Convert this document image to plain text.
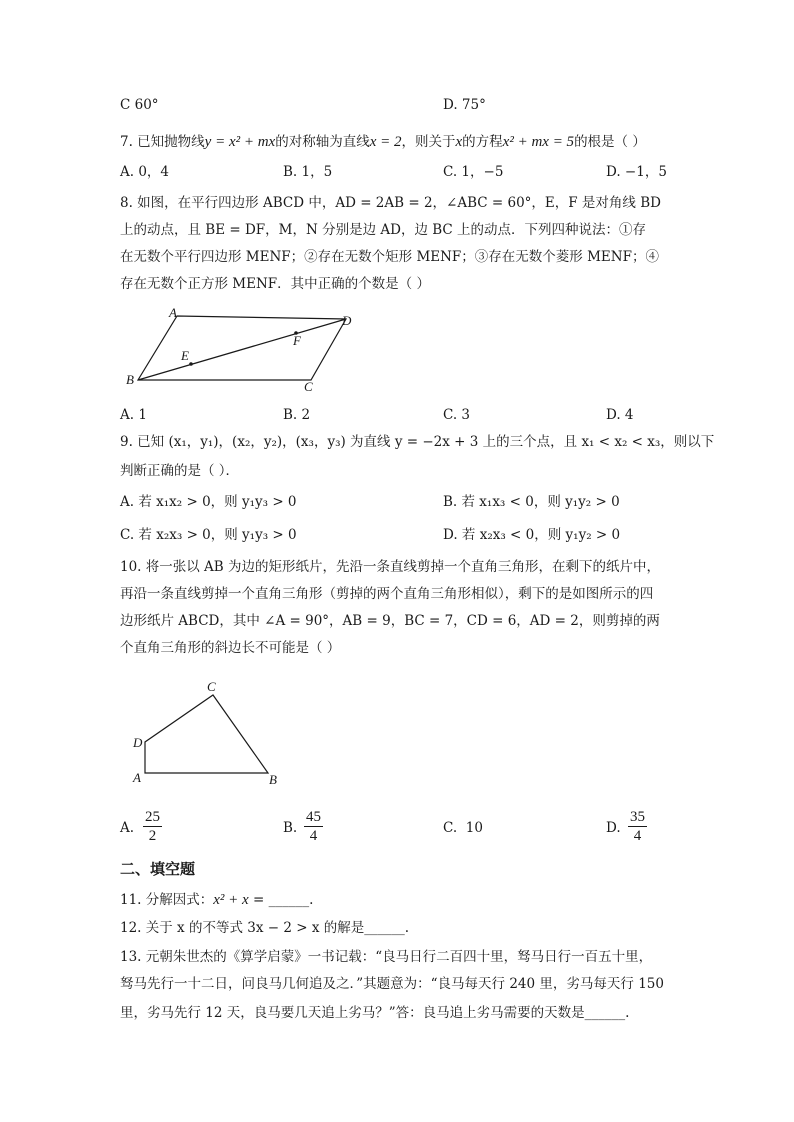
C 60°	D. 75°
7. 已知抛物线y = x² + mx的对称轴为直线x = 2，则关于x的方程x² + mx = 5的根是（ ）
A. 0，4	B. 1，5	C. 1，−5	D. −1，5
8. 如图，在平行四边形 ABCD 中，AD = 2AB = 2，∠ABC = 60°，E，F 是对角线 BD
上的动点，且 BE = DF，M，N 分别是边 AD，边 BC 上的动点．下列四种说法：①存
在无数个平行四边形 MENF；②存在无数个矩形 MENF；③存在无数个菱形 MENF；④
存在无数个正方形 MENF．其中正确的个数是（ ）
A
B	C
D
E
F
A. 1	B. 2	C. 3	D. 4
9. 已知 (x₁，y₁)，(x₂，y₂)，(x₃，y₃) 为直线 y = −2x + 3 上的三个点，且 x₁ < x₂ < x₃，则以下
判断正确的是（ ）．
A. 若 x₁x₂ > 0，则 y₁y₃ > 0	B. 若 x₁x₃ < 0，则 y₁y₂ > 0
C. 若 x₂x₃ > 0，则 y₁y₃ > 0	D. 若 x₂x₃ < 0，则 y₁y₂ > 0
10. 将一张以 AB 为边的矩形纸片，先沿一条直线剪掉一个直角三角形，在剩下的纸片中，
再沿一条直线剪掉一个直角三角形（剪掉的两个直角三角形相似），剩下的是如图所示的四
边形纸片 ABCD，其中 ∠A = 90°，AB = 9，BC = 7，CD = 6，AD = 2，则剪掉的两
个直角三角形的斜边长不可能是（ ）
A	B
C
D
A. $\frac{25}{2}$	B. $\frac{45}{4}$	C. 10	D. $\frac{35}{4}$
二、填空题
11. 分解因式：x² + x = ______.
12. 关于 x 的不等式 3x − 2 > x 的解是______.
13. 元朝朱世杰的《算学启蒙》一书记载：“良马日行二百四十里，驽马日行一百五十里，
驽马先行一十二日，问良马几何追及之．”其题意为：“良马每天行 240 里，劣马每天行 150
里，劣马先行 12 天，良马要几天追上劣马？”答：良马追上劣马需要的天数是______.
